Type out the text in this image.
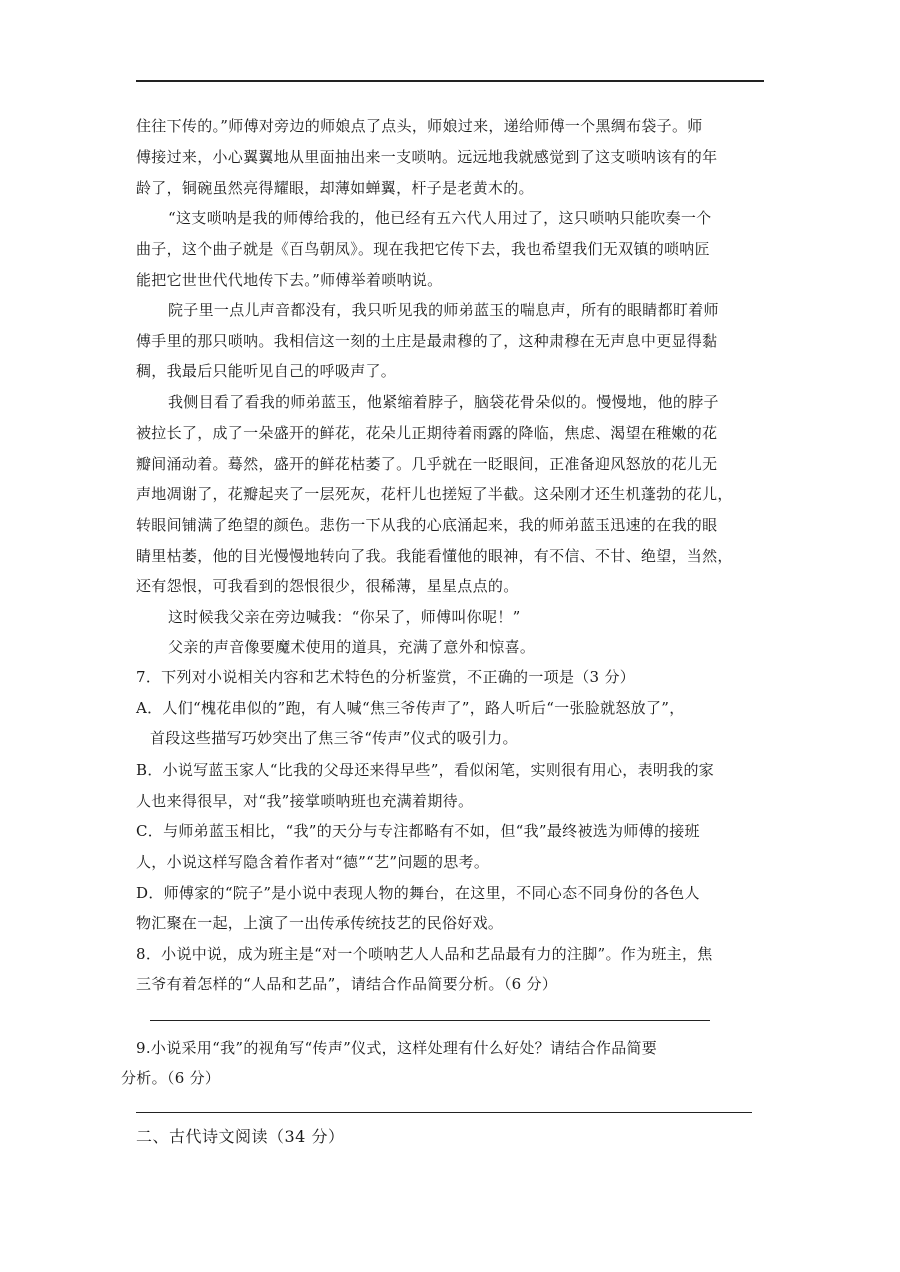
住往下传的。”师傅对旁边的师娘点了点头，师娘过来，递给师傅一个黑绸布袋子。师
傅接过来，小心翼翼地从里面抽出来一支唢呐。远远地我就感觉到了这支唢呐该有的年
龄了，铜碗虽然亮得耀眼，却薄如蝉翼，杆子是老黄木的。
“这支唢呐是我的师傅给我的，他已经有五六代人用过了，这只唢呐只能吹奏一个
曲子，这个曲子就是《百鸟朝凤》。现在我把它传下去，我也希望我们无双镇的唢呐匠
能把它世世代代地传下去。”师傅举着唢呐说。
院子里一点儿声音都没有，我只听见我的师弟蓝玉的喘息声，所有的眼睛都盯着师
傅手里的那只唢呐。我相信这一刻的土庄是最肃穆的了，这种肃穆在无声息中更显得黏
稠，我最后只能听见自己的呼吸声了。
我侧目看了看我的师弟蓝玉，他紧缩着脖子，脑袋花骨朵似的。慢慢地，他的脖子
被拉长了，成了一朵盛开的鲜花，花朵儿正期待着雨露的降临，焦虑、渴望在稚嫩的花
瓣间涌动着。蓦然，盛开的鲜花枯萎了。几乎就在一眨眼间，正准备迎风怒放的花儿无
声地凋谢了，花瓣起夹了一层死灰，花杆儿也搓短了半截。这朵刚才还生机蓬勃的花儿，
转眼间铺满了绝望的颜色。悲伤一下从我的心底涌起来，我的师弟蓝玉迅速的在我的眼
睛里枯萎，他的目光慢慢地转向了我。我能看懂他的眼神，有不信、不甘、绝望，当然，
还有怨恨，可我看到的怨恨很少，很稀薄，星星点点的。
这时候我父亲在旁边喊我：“你呆了，师傅叫你呢！”
父亲的声音像要魔术使用的道具，充满了意外和惊喜。
7．下列对小说相关内容和艺术特色的分析鉴赏，不正确的一项是（3 分）
A．人们“槐花串似的”跑，有人喊“焦三爷传声了”，路人听后“一张脸就怒放了”，
首段这些描写巧妙突出了焦三爷“传声”仪式的吸引力。
B．小说写蓝玉家人“比我的父母还来得早些”，看似闲笔，实则很有用心，表明我的家
人也来得很早，对“我”接掌唢呐班也充满着期待。
C．与师弟蓝玉相比，“我”的天分与专注都略有不如，但“我”最终被选为师傅的接班
人，小说这样写隐含着作者对“德”“艺”问题的思考。
D．师傅家的“院子”是小说中表现人物的舞台，在这里，不同心态不同身份的各色人
物汇聚在一起，上演了一出传承传统技艺的民俗好戏。
8．小说中说，成为班主是“对一个唢呐艺人人品和艺品最有力的注脚”。作为班主，焦
三爷有着怎样的“人品和艺品”，请结合作品简要分析。（6 分）
9.小说采用“我”的视角写“传声”仪式，这样处理有什么好处？请结合作品简要
分析。（6 分）
二、古代诗文阅读（34 分）
